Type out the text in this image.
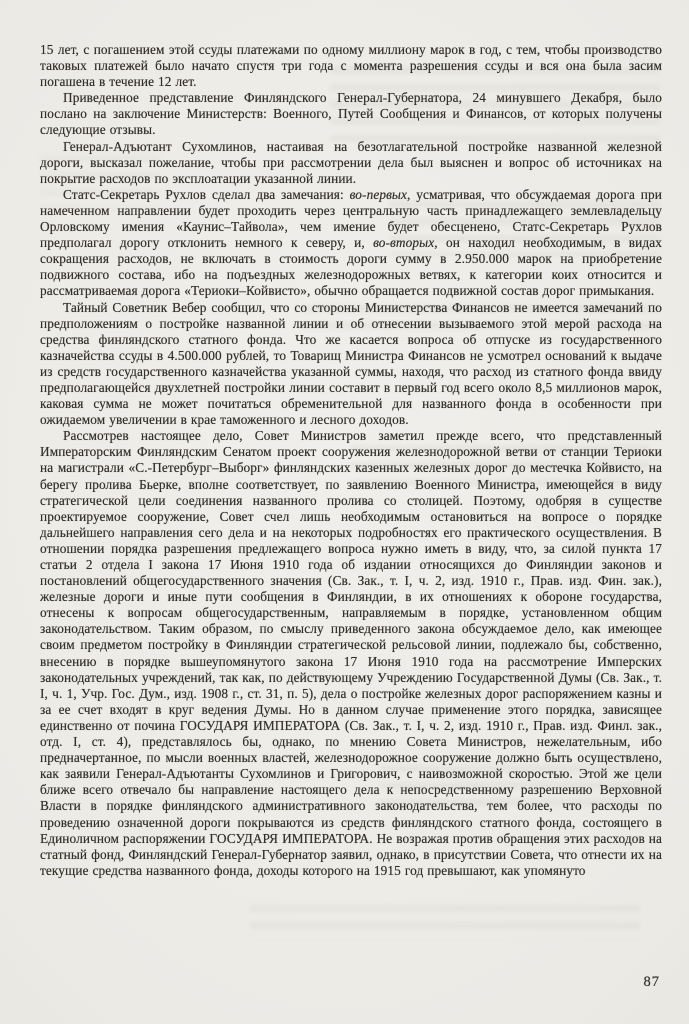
15 лет, с погашением этой ссуды платежами по одному миллиону марок в год, с тем, чтобы производство таковых платежей было начато спустя три года с момента разрешения ссуды и вся она была засим погашена в течение 12 лет.

Приведенное представление Финляндского Генерал-Губернатора, 24 минувшего Декабря, было послано на заключение Министерств: Военного, Путей Сообщения и Финансов, от которых получены следующие отзывы.

Генерал-Адъютант Сухомлинов, настаивая на безотлагательной постройке названной железной дороги, высказал пожелание, чтобы при рассмотрении дела был выяснен и вопрос об источниках на покрытие расходов по эксплоатации указанной линии.

Статс-Секретарь Рухлов сделал два замечания: во-первых, усматривая, что обсуждаемая дорога при намеченном направлении будет проходить через центральную часть принадлежащего землевладельцу Орловскому имения «Каунис–Тайвола», чем имение будет обесценено, Статс-Секретарь Рухлов предполагал дорогу отклонить немного к северу, и, во-вторых, он находил необходимым, в видах сокращения расходов, не включать в стоимость дороги сумму в 2.950.000 марок на приобретение подвижного состава, ибо на подъездных железнодорожных ветвях, к категории коих относится и рассматриваемая дорога «Териоки–Койвисто», обычно обращается подвижной состав дорог примыкания.

Тайный Советник Вебер сообщил, что со стороны Министерства Финансов не имеется замечаний по предположениям о постройке названной линии и об отнесении вызываемого этой мерой расхода на средства финляндского статного фонда. Что же касается вопроса об отпуске из государственного казначейства ссуды в 4.500.000 рублей, то Товарищ Министра Финансов не усмотрел оснований к выдаче из средств государственного казначейства указанной суммы, находя, что расход из статного фонда ввиду предполагающейся двухлетней постройки линии составит в первый год всего около 8,5 миллионов марок, каковая сумма не может почитаться обременительной для названного фонда в особенности при ожидаемом увеличении в крае таможенного и лесного доходов.

Рассмотрев настоящее дело, Совет Министров заметил прежде всего, что представленный Императорским Финляндским Сенатом проект сооружения железнодорожной ветви от станции Териоки на магистрали «С.-Петербург–Выборг» финляндских казенных железных дорог до местечка Койвисто, на берегу пролива Бьерке, вполне соответствует, по заявлению Военного Министра, имеющейся в виду стратегической цели соединения названного пролива со столицей. Поэтому, одобряя в существе проектируемое сооружение, Совет счел лишь необходимым остановиться на вопросе о порядке дальнейшего направления сего дела и на некоторых подробностях его практического осуществления. В отношении порядка разрешения предлежащего вопроса нужно иметь в виду, что, за силой пункта 17 статьи 2 отдела I закона 17 Июня 1910 года об издании относящихся до Финляндии законов и постановлений общегосударственного значения (Св. Зак., т. I, ч. 2, изд. 1910 г., Прав. изд. Фин. зак.), железные дороги и иные пути сообщения в Финляндии, в их отношениях к обороне государства, отнесены к вопросам общегосударственным, направляемым в порядке, установленном общим законодательством. Таким образом, по смыслу приведенного закона обсуждаемое дело, как имеющее своим предметом постройку в Финляндии стратегической рельсовой линии, подлежало бы, собственно, внесению в порядке вышеупомянутого закона 17 Июня 1910 года на рассмотрение Имперских законодательных учреждений, так как, по действующему Учреждению Государственной Думы (Св. Зак., т. I, ч. 1, Учр. Гос. Дум., изд. 1908 г., ст. 31, п. 5), дела о постройке железных дорог распоряжением казны и за ее счет входят в круг ведения Думы. Но в данном случае применение этого порядка, зависящее единственно от почина ГОСУДАРЯ ИМПЕРАТОРА (Св. Зак., т. I, ч. 2, изд. 1910 г., Прав. изд. Финл. зак., отд. I, ст. 4), представлялось бы, однако, по мнению Совета Министров, нежелательным, ибо предначертанное, по мысли военных властей, железнодорожное сооружение должно быть осуществлено, как заявили Генерал-Адъютанты Сухомлинов и Григорович, с наивозможной скоростью. Этой же цели ближе всего отвечало бы направление настоящего дела к непосредственному разрешению Верховной Власти в порядке финляндского административного законодательства, тем более, что расходы по проведению означенной дороги покрываются из средств финляндского статного фонда, состоящего в Единоличном распоряжении ГОСУДАРЯ ИМПЕРАТОРА. Не возражая против обращения этих расходов на статный фонд, Финляндский Генерал-Губернатор заявил, однако, в присутствии Совета, что отнести их на текущие средства названного фонда, доходы которого на 1915 год превышают, как упомянуто

87
